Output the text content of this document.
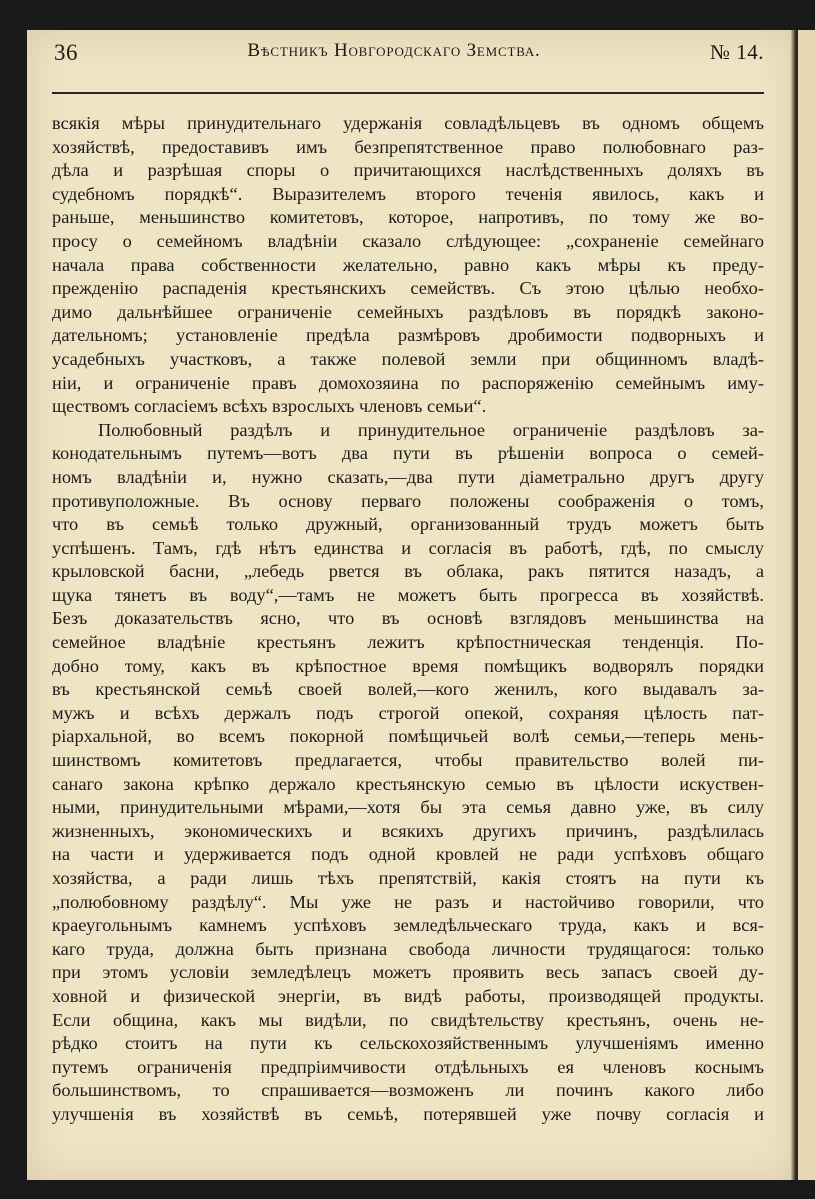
36	Вѣстникъ Новгородскаго Земства.	№ 14.
всякія мѣры принудительнаго удержанія совладѣльцевъ въ одномъ общемъ
хозяйствѣ, предоставивъ имъ безпрепятственное право полюбовнаго раз-
дѣла и разрѣшая споры о причитающихся наслѣдственныхъ доляхъ въ
судебномъ порядкѣ“. Выразителемъ второго теченія явилось, какъ и
раньше, меньшинство комитетовъ, которое, напротивъ, по тому же во-
просу о семейномъ владѣніи сказало слѣдующее: „сохраненіе семейнаго
начала права собственности желательно, равно какъ мѣры къ преду-
прежденію распаденія крестьянскихъ семействъ. Съ этою цѣлью необхо-
димо дальнѣйшее ограниченіе семейныхъ раздѣловъ въ порядкѣ законо-
дательномъ; установленіе предѣла размѣровъ дробимости подворныхъ и
усадебныхъ участковъ, а также полевой земли при общинномъ владѣ-
ніи, и ограниченіе правъ домохозяина по распоряженію семейнымъ иму-
ществомъ согласіемъ всѣхъ взрослыхъ членовъ семьи“.
Полюбовный раздѣлъ и принудительное ограниченіе раздѣловъ за-
конодательнымъ путемъ—вотъ два пути въ рѣшеніи вопроса о семей-
номъ владѣніи и, нужно сказать,—два пути діаметрально другъ другу
противуположные. Въ основу перваго положены соображенія о томъ,
что въ семьѣ только дружный, организованный трудъ можетъ быть
успѣшенъ. Тамъ, гдѣ нѣтъ единства и согласія въ работѣ, гдѣ, по смыслу
крыловской басни, „лебедь рвется въ облака, ракъ пятится назадъ, а
щука тянетъ въ воду“,—тамъ не можетъ быть прогресса въ хозяйствѣ.
Безъ доказательствъ ясно, что въ основѣ взглядовъ меньшинства на
семейное владѣніе крестьянъ лежитъ крѣпостническая тенденція. По-
добно тому, какъ въ крѣпостное время помѣщикъ водворялъ порядки
въ крестьянской семьѣ своей волей,—кого женилъ, кого выдавалъ за-
мужъ и всѣхъ держалъ подъ строгой опекой, сохраняя цѣлость пат-
ріархальной, во всемъ покорной помѣщичьей волѣ семьи,—теперь мень-
шинствомъ комитетовъ предлагается, чтобы правительство волей пи-
санаго закона крѣпко держало крестьянскую семью въ цѣлости искуствен-
ными, принудительными мѣрами,—хотя бы эта семья давно уже, въ силу
жизненныхъ, экономическихъ и всякихъ другихъ причинъ, раздѣлилась
на части и удерживается подъ одной кровлей не ради успѣховъ общаго
хозяйства, а ради лишь тѣхъ препятствій, какія стоятъ на пути къ
„полюбовному раздѣлу“. Мы уже не разъ и настойчиво говорили, что
краеугольнымъ камнемъ успѣховъ земледѣльческаго труда, какъ и вся-
каго труда, должна быть признана свобода личности трудящагося: только
при этомъ условіи земледѣлецъ можетъ проявить весь запасъ своей ду-
ховной и физической энергіи, въ видѣ работы, производящей продукты.
Если община, какъ мы видѣли, по свидѣтельству крестьянъ, очень не-
рѣдко стоитъ на пути къ сельскохозяйственнымъ улучшеніямъ именно
путемъ ограниченія предпріимчивости отдѣльныхъ ея членовъ коснымъ
большинствомъ, то спрашивается—возможенъ ли починъ какого либо
улучшенія въ хозяйствѣ въ семьѣ, потерявшей уже почву согласія и
